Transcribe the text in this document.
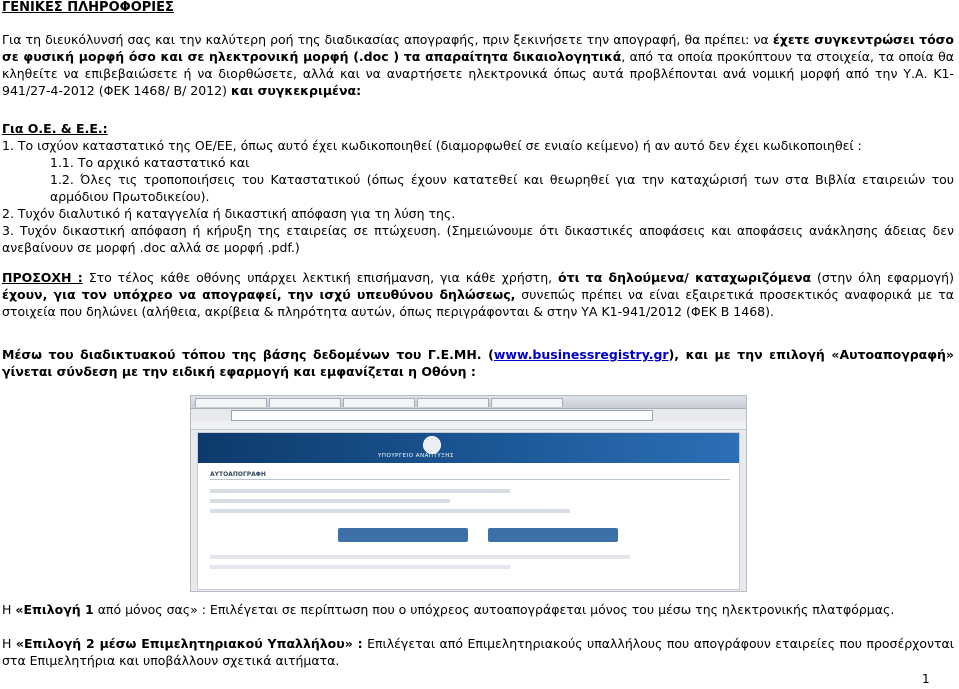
ΓΕΝΙΚΕΣ ΠΛΗΡΟΦΟΡΙΕΣ
Για τη διευκόλυνσή σας και την καλύτερη ροή της διαδικασίας απογραφής, πριν ξεκινήσετε την απογραφή, θα πρέπει: να έχετε συγκεντρώσει τόσο σε φυσική μορφή όσο και σε ηλεκτρονική μορφή (.doc ) τα απαραίτητα δικαιολογητικά, από τα οποία προκύπτουν τα στοιχεία, τα οποία θα κληθείτε να επιβεβαιώσετε ή να διορθώσετε, αλλά και να αναρτήσετε ηλεκτρονικά όπως αυτά προβλέπονται ανά νομική μορφή από την Υ.Α. Κ1-941/27-4-2012 (ΦΕΚ 1468/ Β/ 2012) και συγκεκριμένα:
Για Ο.Ε. & Ε.Ε.:
1. Το ισχύον καταστατικό της ΟΕ/ΕΕ, όπως αυτό έχει κωδικοποιηθεί (διαμορφωθεί σε ενιαίο κείμενο) ή αν αυτό δεν έχει κωδικοποιηθεί :
1.1. Το αρχικό καταστατικό και
1.2. Όλες τις τροποποιήσεις του Καταστατικού (όπως έχουν κατατεθεί και θεωρηθεί για την καταχώρισή των στα Βιβλία εταιρειών του αρμόδιου Πρωτοδικείου).
2. Τυχόν διαλυτικό ή καταγγελία ή δικαστική απόφαση για τη λύση της.
3. Τυχόν δικαστική απόφαση ή κήρυξη της εταιρείας σε πτώχευση. (Σημειώνουμε ότι δικαστικές αποφάσεις και αποφάσεις ανάκλησης άδειας δεν ανεβαίνουν σε μορφή .doc αλλά σε μορφή .pdf.)
ΠΡΟΣΟΧΗ : Στο τέλος κάθε οθόνης υπάρχει λεκτική επισήμανση, για κάθε χρήστη, ότι τα δηλούμενα/ καταχωριζόμενα (στην όλη εφαρμογή) έχουν, για τον υπόχρεο να απογραφεί, την ισχύ υπευθύνου δηλώσεως, συνεπώς πρέπει να είναι εξαιρετικά προσεκτικός αναφορικά με τα στοιχεία που δηλώνει (αλήθεια, ακρίβεια & πληρότητα αυτών, όπως περιγράφονται & στην ΥΑ Κ1-941/2012 (ΦΕΚ Β 1468).
Μέσω του διαδικτυακού τόπου της βάσης δεδομένων του Γ.Ε.ΜΗ. (www.businessregistry.gr), και με την επιλογή «Αυτοαπογραφή» γίνεται σύνδεση με την ειδική εφαρμογή και εμφανίζεται η Οθόνη :
ΥΠΟΥΡΓΕΙΟ ΑΝΑΠΤΥΞΗΣ
ΑΥΤΟΑΠΟΓΡΑΦΗ
Η «Επιλογή 1 από μόνος σας» : Επιλέγεται σε περίπτωση που ο υπόχρεος αυτοαπογράφεται μόνος του μέσω της ηλεκτρονικής πλατφόρμας.
Η «Επιλογή 2 μέσω Επιμελητηριακού Υπαλλήλου» : Επιλέγεται από Επιμελητηριακούς υπαλλήλους που απογράφουν εταιρείες που προσέρχονται στα Επιμελητήρια και υποβάλλουν σχετικά αιτήματα.
1
